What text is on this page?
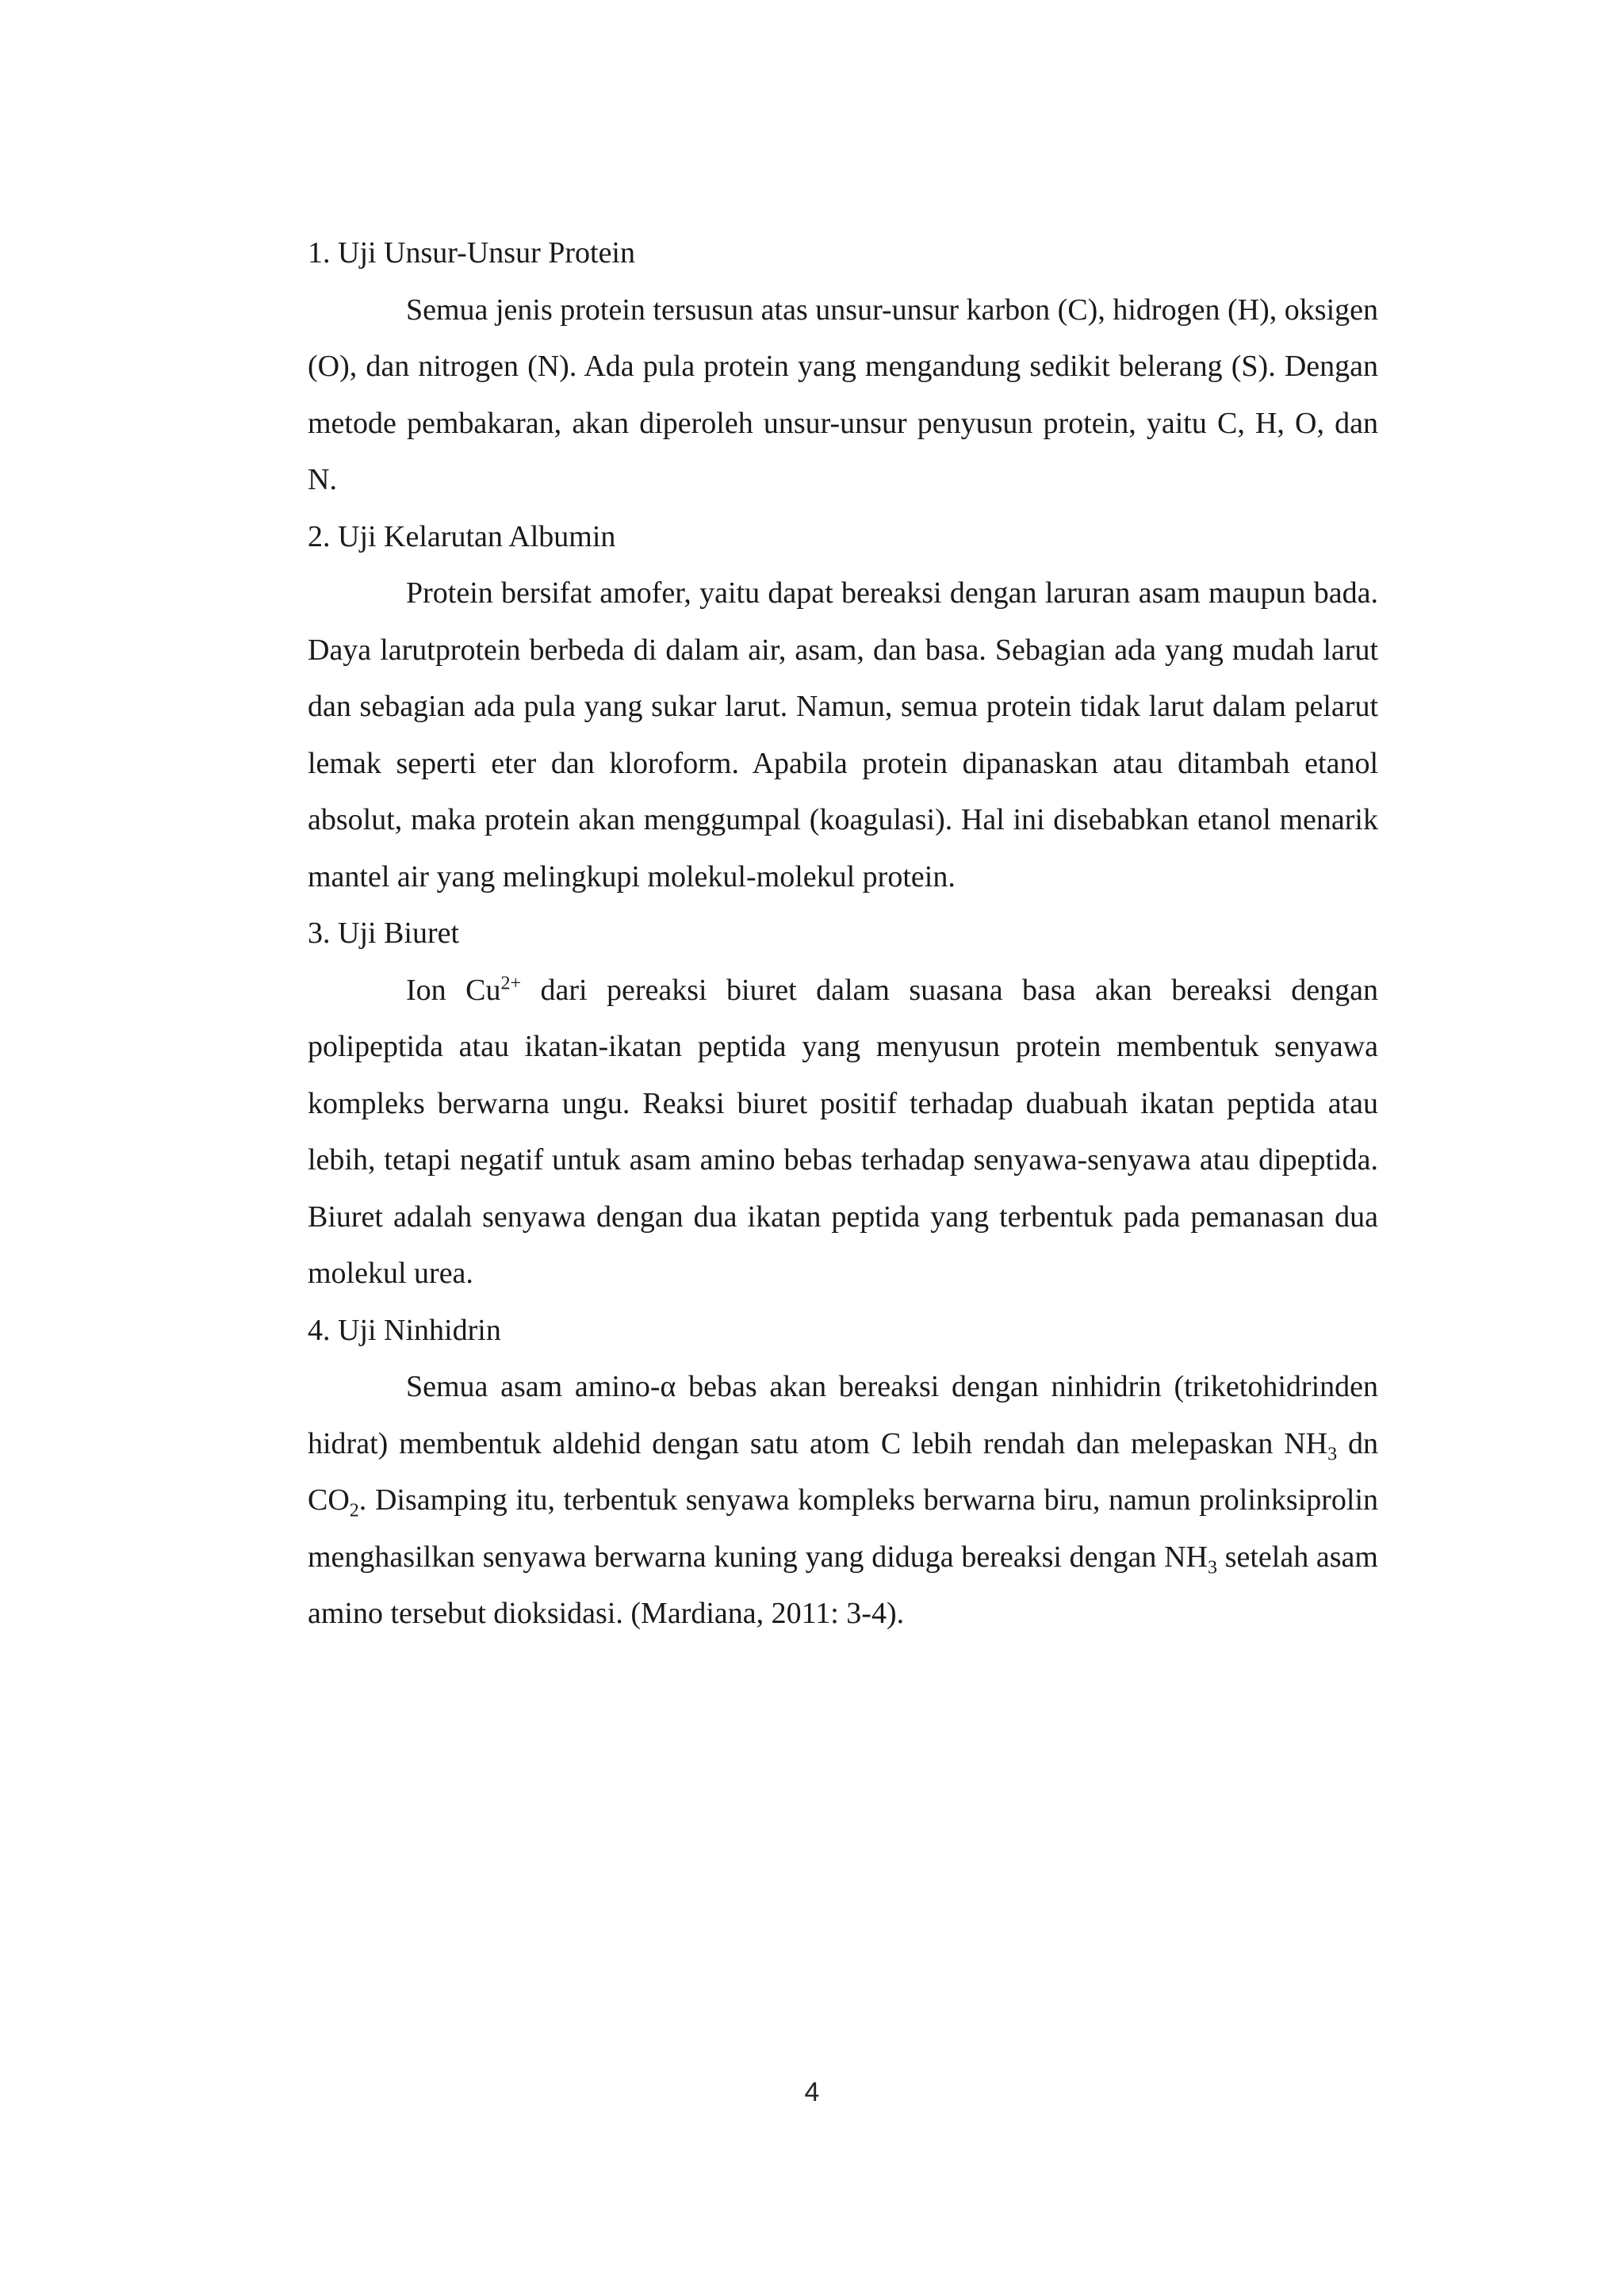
1. Uji Unsur-Unsur Protein

Semua jenis protein tersusun atas unsur-unsur karbon (C), hidrogen (H), oksigen (O), dan nitrogen (N). Ada pula protein yang mengandung sedikit belerang (S). Dengan metode pembakaran, akan diperoleh unsur-unsur penyusun protein, yaitu C, H, O, dan N.

2. Uji Kelarutan Albumin

Protein bersifat amofer, yaitu dapat bereaksi dengan laruran asam maupun bada. Daya larutprotein berbeda di dalam air, asam, dan basa. Sebagian ada yang mudah larut dan sebagian ada pula yang sukar larut. Namun, semua protein tidak larut dalam pelarut lemak seperti eter dan kloroform. Apabila protein dipanaskan atau ditambah etanol absolut, maka protein akan menggumpal (koagulasi). Hal ini disebabkan etanol menarik mantel air yang melingkupi molekul-molekul protein.

3. Uji Biuret

Ion $Cu^{2+}$ dari pereaksi biuret dalam suasana basa akan bereaksi dengan polipeptida atau ikatan-ikatan peptida yang menyusun protein membentuk senyawa kompleks berwarna ungu. Reaksi biuret positif terhadap duabuah ikatan peptida atau lebih, tetapi negatif untuk asam amino bebas terhadap senyawa-senyawa atau dipeptida. Biuret adalah senyawa dengan dua ikatan peptida yang terbentuk pada pemanasan dua molekul urea.

4. Uji Ninhidrin

Semua asam amino-α bebas akan bereaksi dengan ninhidrin (triketohidrinden hidrat) membentuk aldehid dengan satu atom C lebih rendah dan melepaskan $NH_3$ dn $CO_2$. Disamping itu, terbentuk senyawa kompleks berwarna biru, namun prolinksiprolin menghasilkan senyawa berwarna kuning yang diduga bereaksi dengan $NH_3$ setelah asam amino tersebut dioksidasi. (Mardiana, 2011: 3-4).

4
